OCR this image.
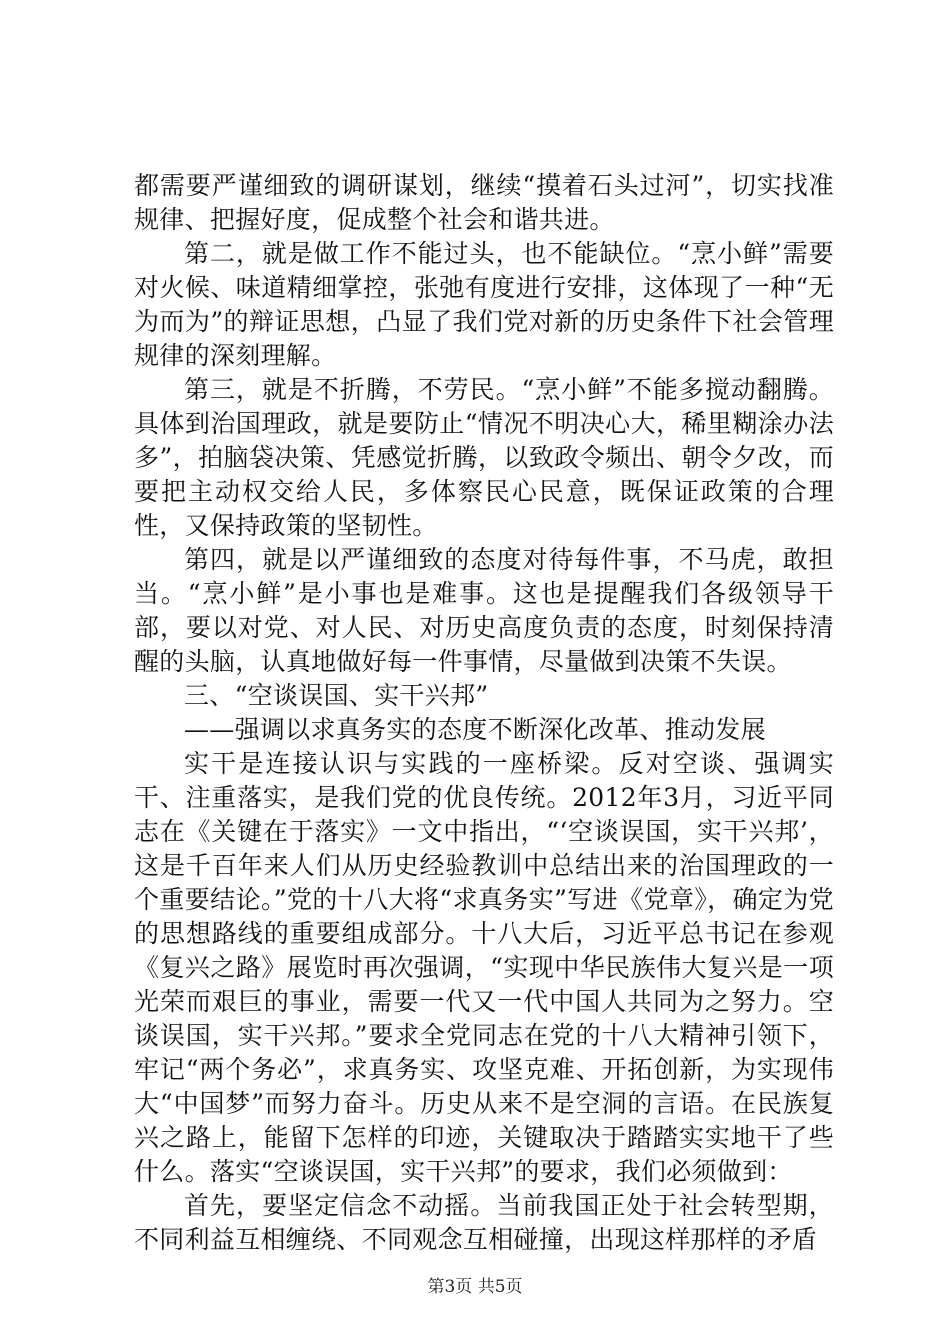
都需要严谨细致的调研谋划，继续“摸着石头过河”，切实找准规律、把握好度，促成整个社会和谐共进。

第二，就是做工作不能过头，也不能缺位。“烹小鲜”需要对火候、味道精细掌控，张弛有度进行安排，这体现了一种“无为而为”的辩证思想，凸显了我们党对新的历史条件下社会管理规律的深刻理解。

第三，就是不折腾，不劳民。“烹小鲜”不能多搅动翻腾。具体到治国理政，就是要防止“情况不明决心大，稀里糊涂办法多”，拍脑袋决策、凭感觉折腾，以致政令频出、朝令夕改，而要把主动权交给人民，多体察民心民意，既保证政策的合理性，又保持政策的坚韧性。

第四，就是以严谨细致的态度对待每件事，不马虎，敢担当。“烹小鲜”是小事也是难事。这也是提醒我们各级领导干部，要以对党、对人民、对历史高度负责的态度，时刻保持清醒的头脑，认真地做好每一件事情，尽量做到决策不失误。

三、“空谈误国、实干兴邦”

——强调以求真务实的态度不断深化改革、推动发展

实干是连接认识与实践的一座桥梁。反对空谈、强调实干、注重落实，是我们党的优良传统。2012年3月，习近平同志在《关键在于落实》一文中指出，“‘空谈误国，实干兴邦’，这是千百年来人们从历史经验教训中总结出来的治国理政的一个重要结论。”党的十八大将“求真务实”写进《党章》，确定为党的思想路线的重要组成部分。十八大后，习近平总书记在参观《复兴之路》展览时再次强调，“实现中华民族伟大复兴是一项光荣而艰巨的事业，需要一代又一代中国人共同为之努力。空谈误国，实干兴邦。”要求全党同志在党的十八大精神引领下，牢记“两个务必”，求真务实、攻坚克难、开拓创新，为实现伟大“中国梦”而努力奋斗。历史从来不是空洞的言语。在民族复兴之路上，能留下怎样的印迹，关键取决于踏踏实实地干了些什么。落实“空谈误国，实干兴邦”的要求，我们必须做到：

首先，要坚定信念不动摇。当前我国正处于社会转型期，不同利益互相缠绕、不同观念互相碰撞，出现这样那样的矛盾

第3页 共5页
